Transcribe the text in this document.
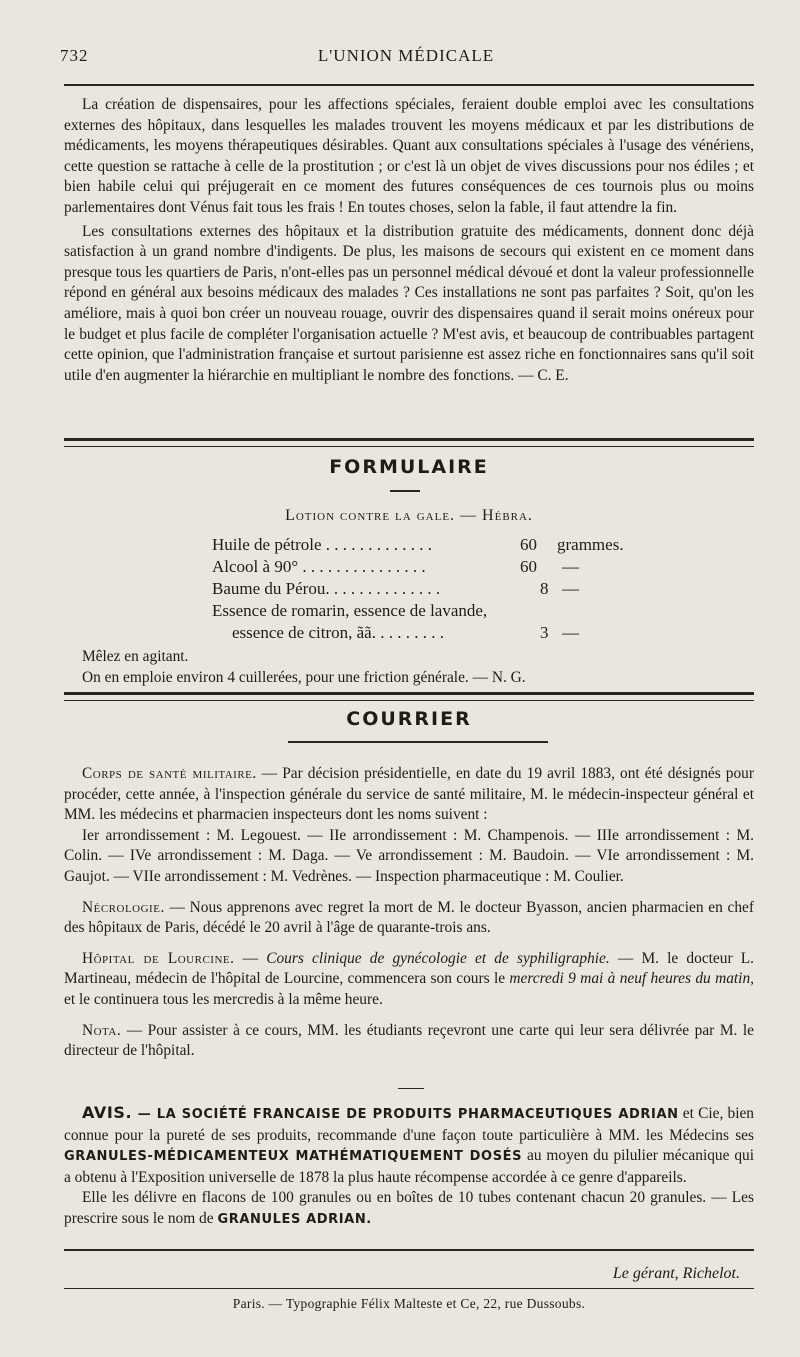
732	L'UNION MÉDICALE

La création de dispensaires, pour les affections spéciales, feraient double emploi avec les consultations externes des hôpitaux, dans lesquelles les malades trouvent les moyens médicaux et par les distributions de médicaments, les moyens thérapeutiques désirables. Quant aux consultations spéciales à l'usage des vénériens, cette question se rattache à celle de la prostitution ; or c'est là un objet de vives discussions pour nos édiles ; et bien habile celui qui préjugerait en ce moment des futures conséquences de ces tournois plus ou moins parlementaires dont Vénus fait tous les frais ! En toutes choses, selon la fable, il faut attendre la fin.

Les consultations externes des hôpitaux et la distribution gratuite des médicaments, donnent donc déjà satisfaction à un grand nombre d'indigents. De plus, les maisons de secours qui existent en ce moment dans presque tous les quartiers de Paris, n'ont-elles pas un personnel médical dévoué et dont la valeur professionnelle répond en général aux besoins médicaux des malades ? Ces installations ne sont pas parfaites ? Soit, qu'on les améliore, mais à quoi bon créer un nouveau rouage, ouvrir des dispensaires quand il serait moins onéreux pour le budget et plus facile de compléter l'organisation actuelle ? M'est avis, et beaucoup de contribuables partagent cette opinion, que l'administration française et surtout parisienne est assez riche en fonctionnaires sans qu'il soit utile d'en augmenter la hiérarchie en multipliant le nombre des fonctions. — C. E.

FORMULAIRE
Lotion contre la gale. — Hébra.
Huile de pétrole . . . . . . . . . . . . .	60 grammes.
Alcool à 90° . . . . . . . . . . . . . . .	60 —
Baume du Pérou. . . . . . . . . . . . . .	8 —
Essence de romarin, essence de lavande,
essence de citron, ãã. . . . . . . . .	3 —

Mêlez en agitant.

On en emploie environ 4 cuillerées, pour une friction générale. — N. G.

COURRIER

Corps de santé militaire. — Par décision présidentielle, en date du 19 avril 1883, ont été désignés pour procéder, cette année, à l'inspection générale du service de santé militaire, M. le médecin-inspecteur général et MM. les médecins et pharmacien inspecteurs dont les noms suivent :

Ier arrondissement : M. Legouest. — IIe arrondissement : M. Champenois. — IIIe arrondissement : M. Colin. — IVe arrondissement : M. Daga. — Ve arrondissement : M. Baudoin. — VIe arrondissement : M. Gaujot. — VIIe arrondissement : M. Vedrènes. — Inspection pharmaceutique : M. Coulier.

Nécrologie. — Nous apprenons avec regret la mort de M. le docteur Byasson, ancien pharmacien en chef des hôpitaux de Paris, décédé le 20 avril à l'âge de quarante-trois ans.

Hôpital de Lourcine. — Cours clinique de gynécologie et de syphiligraphie. — M. le docteur L. Martineau, médecin de l'hôpital de Lourcine, commencera son cours le mercredi 9 mai à neuf heures du matin, et le continuera tous les mercredis à la même heure.

Nota. — Pour assister à ce cours, MM. les étudiants reçevront une carte qui leur sera délivrée par M. le directeur de l'hôpital.

AVIS. — LA SOCIÉTÉ FRANCAISE DE PRODUITS PHARMACEUTIQUES ADRIAN et Cie, bien connue pour la pureté de ses produits, recommande d'une façon toute particulière à MM. les Médecins ses GRANULES-MÉDICAMENTEUX MATHÉMATIQUEMENT DOSÉS au moyen du pilulier mécanique qui a obtenu à l'Exposition universelle de 1878 la plus haute récompense accordée à ce genre d'appareils.

Elle les délivre en flacons de 100 granules ou en boîtes de 10 tubes contenant chacun 20 granules. — Les prescrire sous le nom de GRANULES ADRIAN.

Le gérant, Richelot.
Paris. — Typographie Félix Malteste et Ce, 22, rue Dussoubs.
